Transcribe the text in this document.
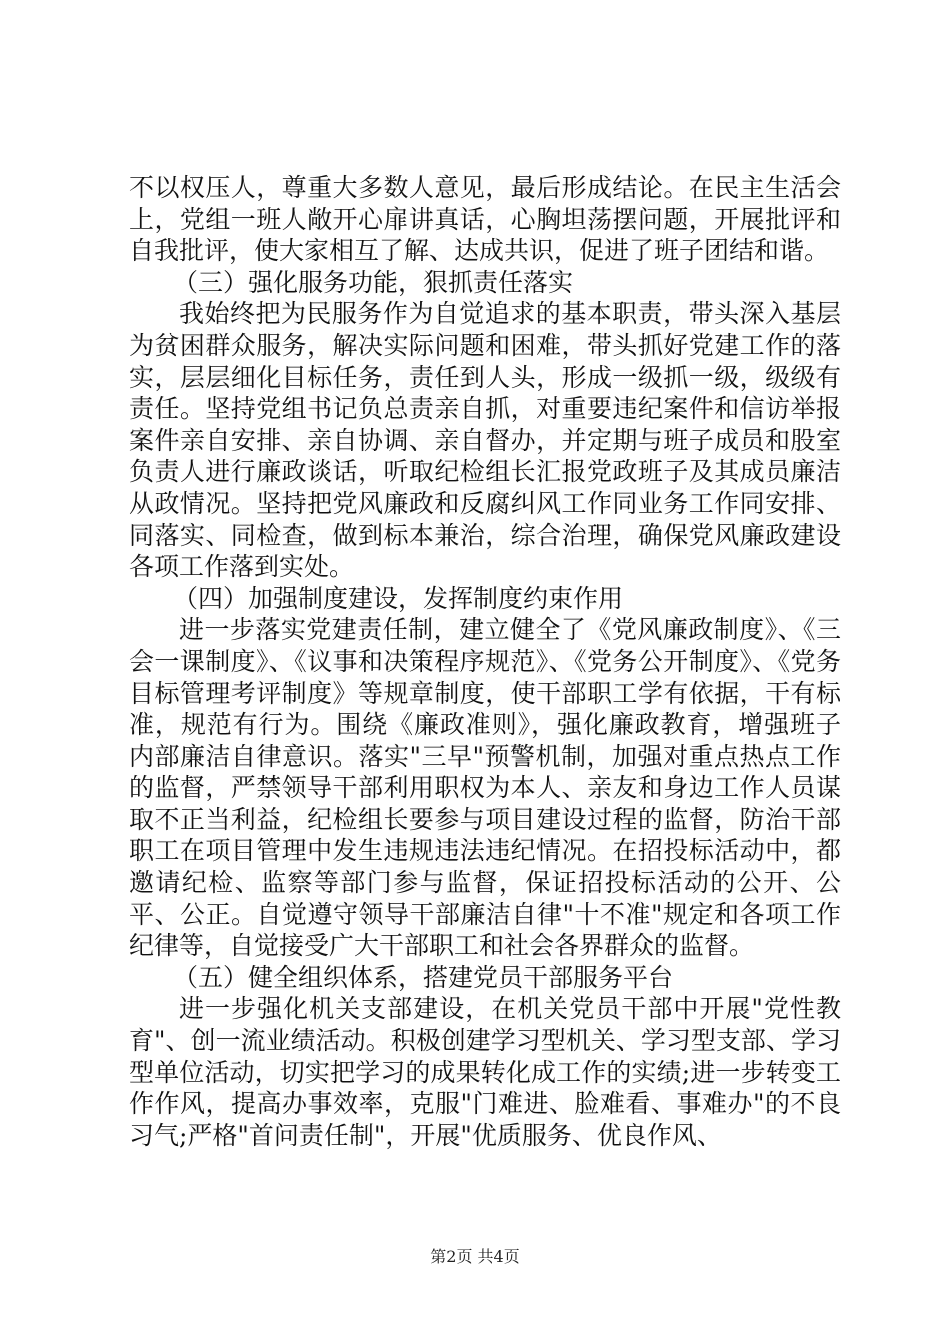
不以权压人，尊重大多数人意见，最后形成结论。在民主生活会上，党组一班人敞开心扉讲真话，心胸坦荡摆问题，开展批评和自我批评，使大家相互了解、达成共识，促进了班子团结和谐。

（三）强化服务功能，狠抓责任落实

我始终把为民服务作为自觉追求的基本职责，带头深入基层为贫困群众服务，解决实际问题和困难，带头抓好党建工作的落实，层层细化目标任务，责任到人头，形成一级抓一级，级级有责任。坚持党组书记负总责亲自抓，对重要违纪案件和信访举报案件亲自安排、亲自协调、亲自督办，并定期与班子成员和股室负责人进行廉政谈话，听取纪检组长汇报党政班子及其成员廉洁从政情况。坚持把党风廉政和反腐纠风工作同业务工作同安排、同落实、同检查，做到标本兼治，综合治理，确保党风廉政建设各项工作落到实处。

（四）加强制度建设，发挥制度约束作用

进一步落实党建责任制，建立健全了《党风廉政制度》、《三会一课制度》、《议事和决策程序规范》、《党务公开制度》、《党务目标管理考评制度》等规章制度，使干部职工学有依据，干有标准，规范有行为。围绕《廉政准则》，强化廉政教育，增强班子内部廉洁自律意识。落实"三早"预警机制，加强对重点热点工作的监督，严禁领导干部利用职权为本人、亲友和身边工作人员谋取不正当利益，纪检组长要参与项目建设过程的监督，防治干部职工在项目管理中发生违规违法违纪情况。在招投标活动中，都邀请纪检、监察等部门参与监督，保证招投标活动的公开、公平、公正。自觉遵守领导干部廉洁自律"十不准"规定和各项工作纪律等，自觉接受广大干部职工和社会各界群众的监督。

（五）健全组织体系，搭建党员干部服务平台

进一步强化机关支部建设，在机关党员干部中开展"党性教育"、创一流业绩活动。积极创建学习型机关、学习型支部、学习型单位活动，切实把学习的成果转化成工作的实绩;进一步转变工作作风，提高办事效率，克服"门难进、脸难看、事难办"的不良习气;严格"首问责任制"，开展"优质服务、优良作风、

第2页 共4页
